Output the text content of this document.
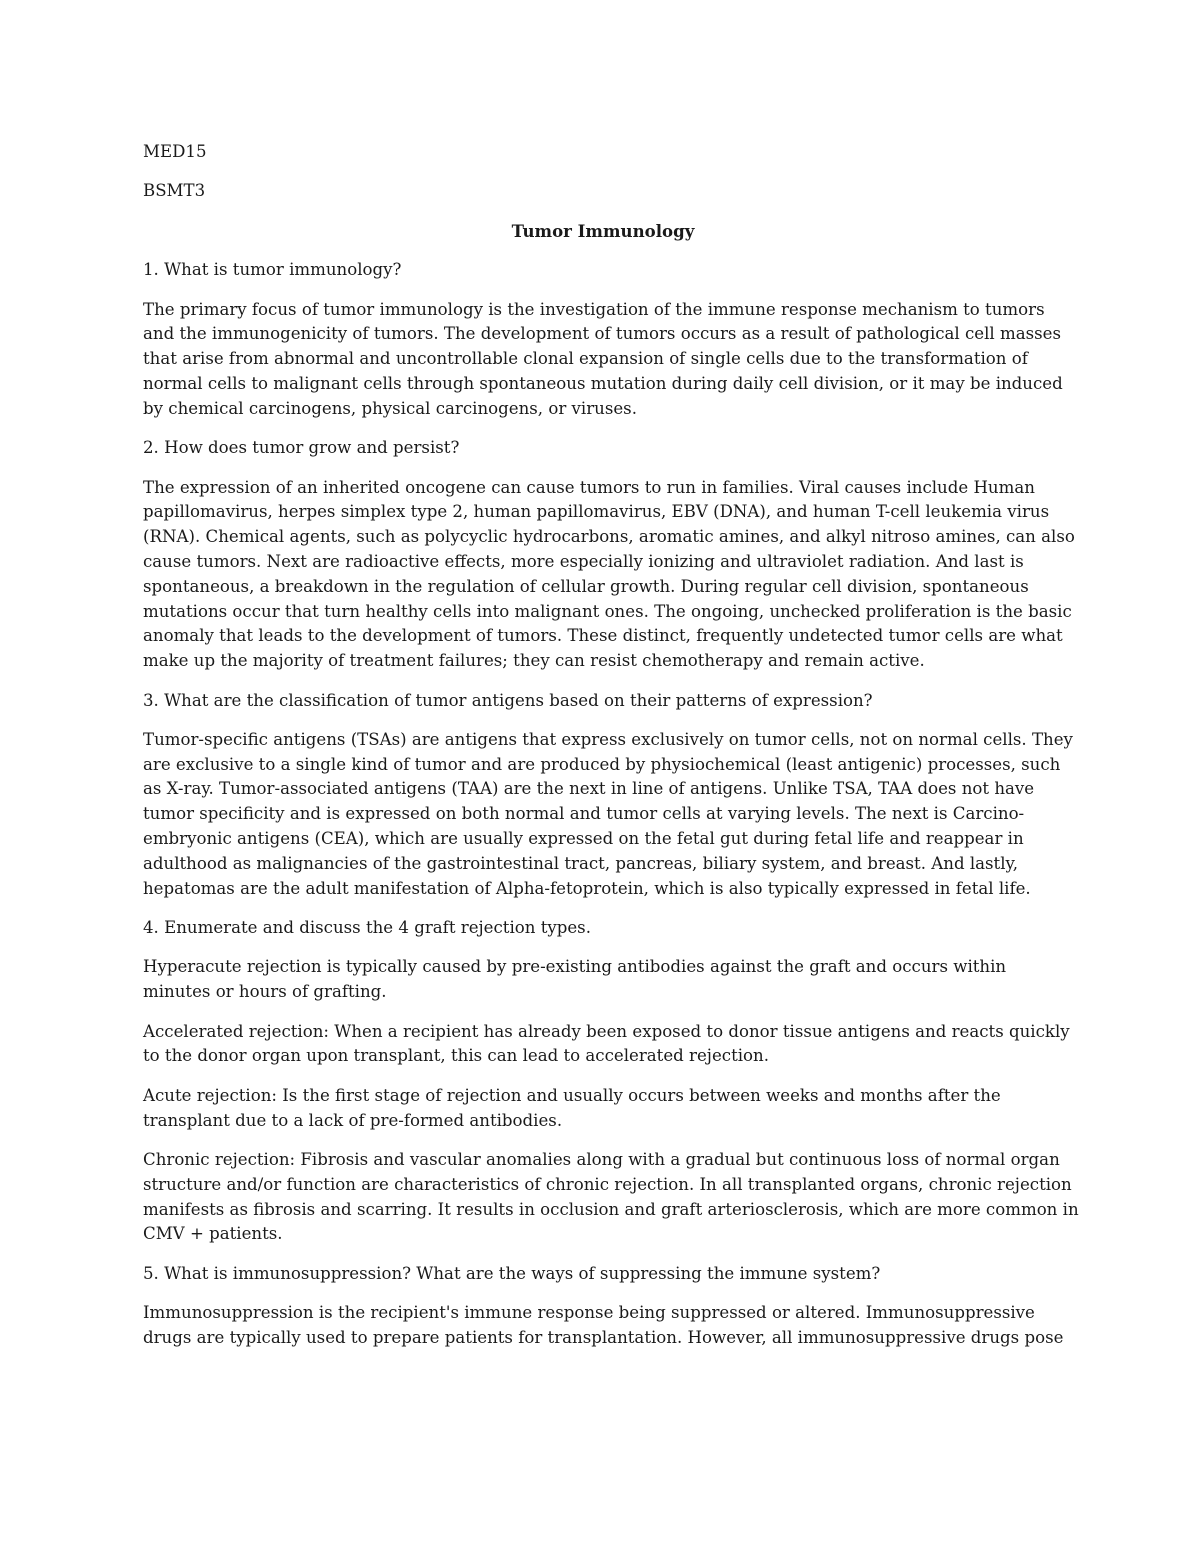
MED15
BSMT3
Tumor Immunology

1. What is tumor immunology?

The primary focus of tumor immunology is the investigation of the immune response mechanism to tumors
and the immunogenicity of tumors. The development of tumors occurs as a result of pathological cell masses
that arise from abnormal and uncontrollable clonal expansion of single cells due to the transformation of
normal cells to malignant cells through spontaneous mutation during daily cell division, or it may be induced
by chemical carcinogens, physical carcinogens, or viruses.

2. How does tumor grow and persist?

The expression of an inherited oncogene can cause tumors to run in families. Viral causes include Human
papillomavirus, herpes simplex type 2, human papillomavirus, EBV (DNA), and human T-cell leukemia virus
(RNA). Chemical agents, such as polycyclic hydrocarbons, aromatic amines, and alkyl nitroso amines, can also
cause tumors. Next are radioactive effects, more especially ionizing and ultraviolet radiation. And last is
spontaneous, a breakdown in the regulation of cellular growth. During regular cell division, spontaneous
mutations occur that turn healthy cells into malignant ones. The ongoing, unchecked proliferation is the basic
anomaly that leads to the development of tumors. These distinct, frequently undetected tumor cells are what
make up the majority of treatment failures; they can resist chemotherapy and remain active.

3. What are the classification of tumor antigens based on their patterns of expression?

Tumor-specific antigens (TSAs) are antigens that express exclusively on tumor cells, not on normal cells. They
are exclusive to a single kind of tumor and are produced by physiochemical (least antigenic) processes, such
as X-ray. Tumor-associated antigens (TAA) are the next in line of antigens. Unlike TSA, TAA does not have
tumor specificity and is expressed on both normal and tumor cells at varying levels. The next is Carcino-
embryonic antigens (CEA), which are usually expressed on the fetal gut during fetal life and reappear in
adulthood as malignancies of the gastrointestinal tract, pancreas, biliary system, and breast. And lastly,
hepatomas are the adult manifestation of Alpha-fetoprotein, which is also typically expressed in fetal life.

4. Enumerate and discuss the 4 graft rejection types.

Hyperacute rejection is typically caused by pre-existing antibodies against the graft and occurs within
minutes or hours of grafting.

Accelerated rejection: When a recipient has already been exposed to donor tissue antigens and reacts quickly
to the donor organ upon transplant, this can lead to accelerated rejection.

Acute rejection: Is the first stage of rejection and usually occurs between weeks and months after the
transplant due to a lack of pre-formed antibodies.

Chronic rejection: Fibrosis and vascular anomalies along with a gradual but continuous loss of normal organ
structure and/or function are characteristics of chronic rejection. In all transplanted organs, chronic rejection
manifests as fibrosis and scarring. It results in occlusion and graft arteriosclerosis, which are more common in
CMV + patients.

5. What is immunosuppression? What are the ways of suppressing the immune system?

Immunosuppression is the recipient's immune response being suppressed or altered. Immunosuppressive
drugs are typically used to prepare patients for transplantation. However, all immunosuppressive drugs pose
